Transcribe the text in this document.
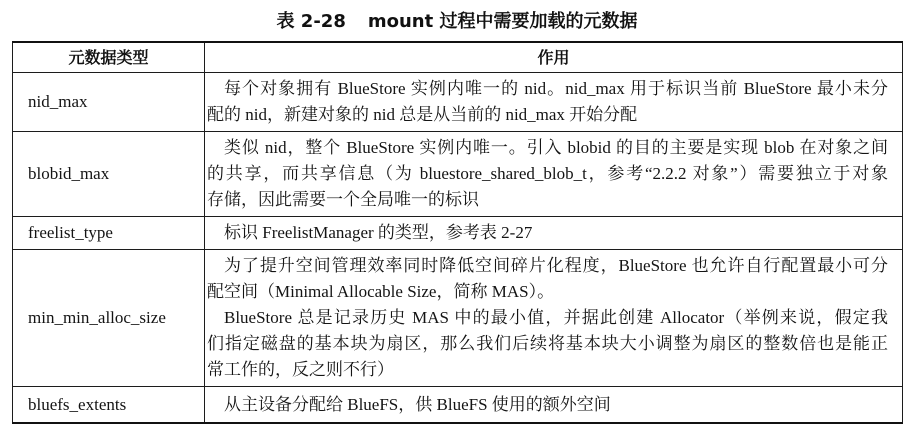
表 2-28 mount 过程中需要加载的元数据
元数据类型	作用
nid_max	每个对象拥有 BlueStore 实例内唯一的 nid。nid_max 用于标识当前 BlueStore 最小未分
配的 nid，新建对象的 nid 总是从当前的 nid_max 开始分配

blobid_max	类似 nid，整个 BlueStore 实例内唯一。引入 blobid 的目的主要是实现 blob 在对象之间
的共享，而共享信息（为 bluestore_shared_blob_t，参考“2.2.2 对象”）需要独立于对象
存储，因此需要一个全局唯一的标识

freelist_type	标识 FreelistManager 的类型，参考表 2-27

min_min_alloc_size	为了提升空间管理效率同时降低空间碎片化程度，BlueStore 也允许自行配置最小可分
配空间（Minimal Allocable Size，简称 MAS）。
BlueStore 总是记录历史 MAS 中的最小值，并据此创建 Allocator（举例来说，假定我
们指定磁盘的基本块为扇区，那么我们后续将基本块大小调整为扇区的整数倍也是能正
常工作的，反之则不行）

bluefs_extents	从主设备分配给 BlueFS，供 BlueFS 使用的额外空间
